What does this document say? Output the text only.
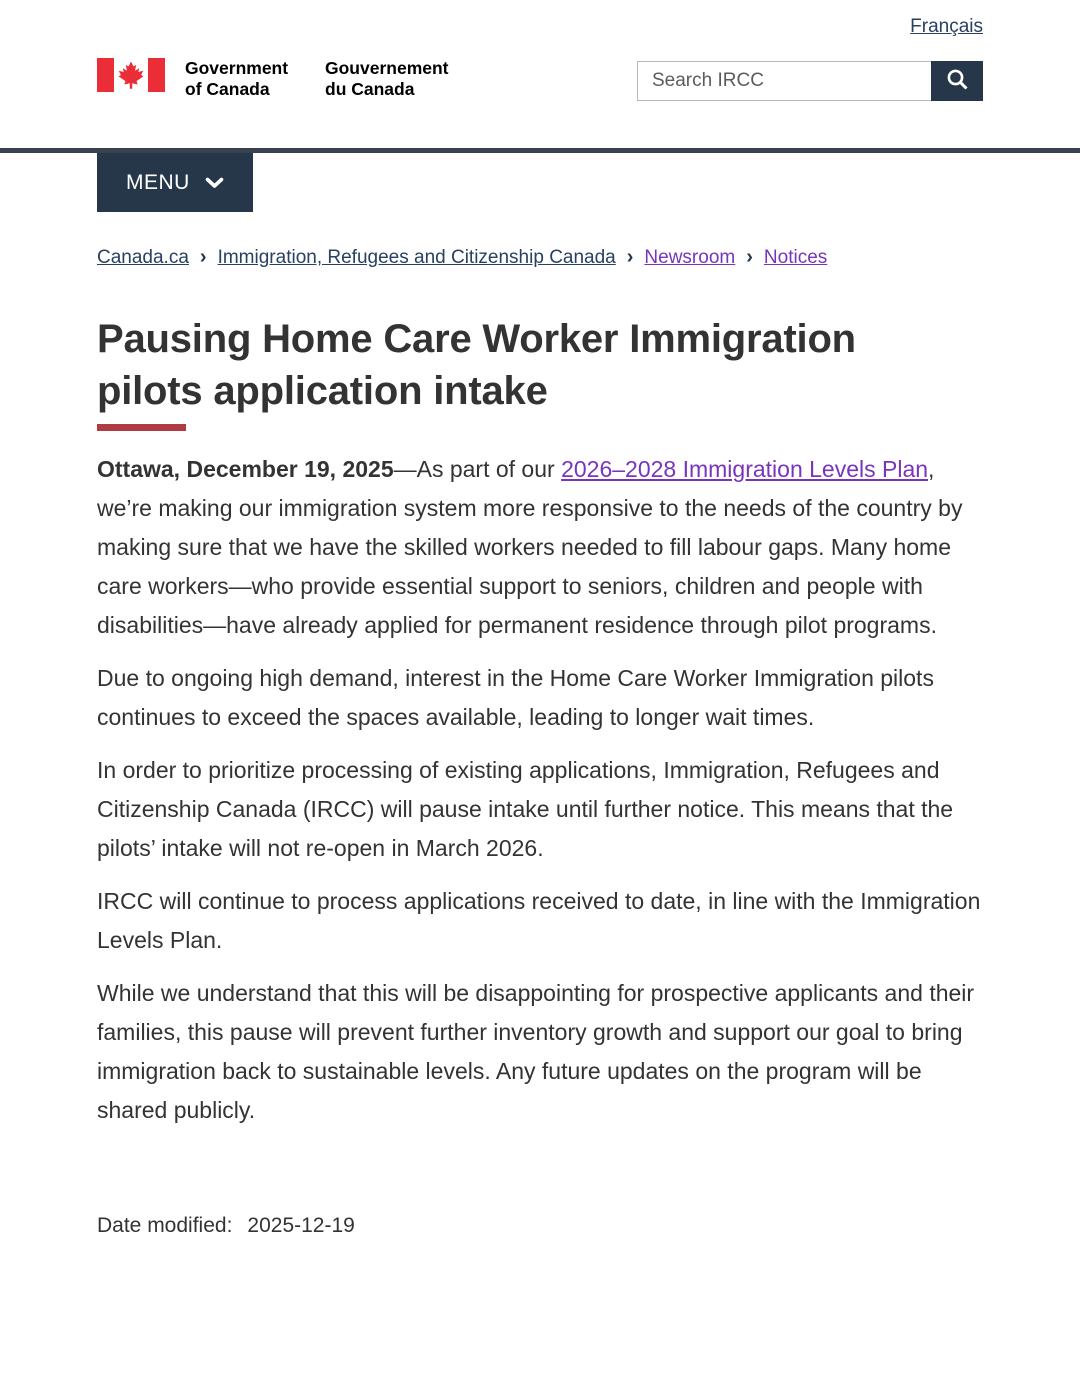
Français
Government of Canada
Gouvernement du Canada
Search IRCC
MENU
Canada.ca › Immigration, Refugees and Citizenship Canada › Newsroom › Notices
Pausing Home Care Worker Immigration pilots application intake

Ottawa, December 19, 2025—As part of our 2026–2028 Immigration Levels Plan, we’re making our immigration system more responsive to the needs of the country by making sure that we have the skilled workers needed to fill labour gaps. Many home care workers—who provide essential support to seniors, children and people with disabilities—have already applied for permanent residence through pilot programs.

Due to ongoing high demand, interest in the Home Care Worker Immigration pilots continues to exceed the spaces available, leading to longer wait times.

In order to prioritize processing of existing applications, Immigration, Refugees and Citizenship Canada (IRCC) will pause intake until further notice. This means that the pilots’ intake will not re-open in March 2026.

IRCC will continue to process applications received to date, in line with the Immigration Levels Plan.

While we understand that this will be disappointing for prospective applicants and their families, this pause will prevent further inventory growth and support our goal to bring immigration back to sustainable levels. Any future updates on the program will be shared publicly.

Date modified: 2025-12-19
